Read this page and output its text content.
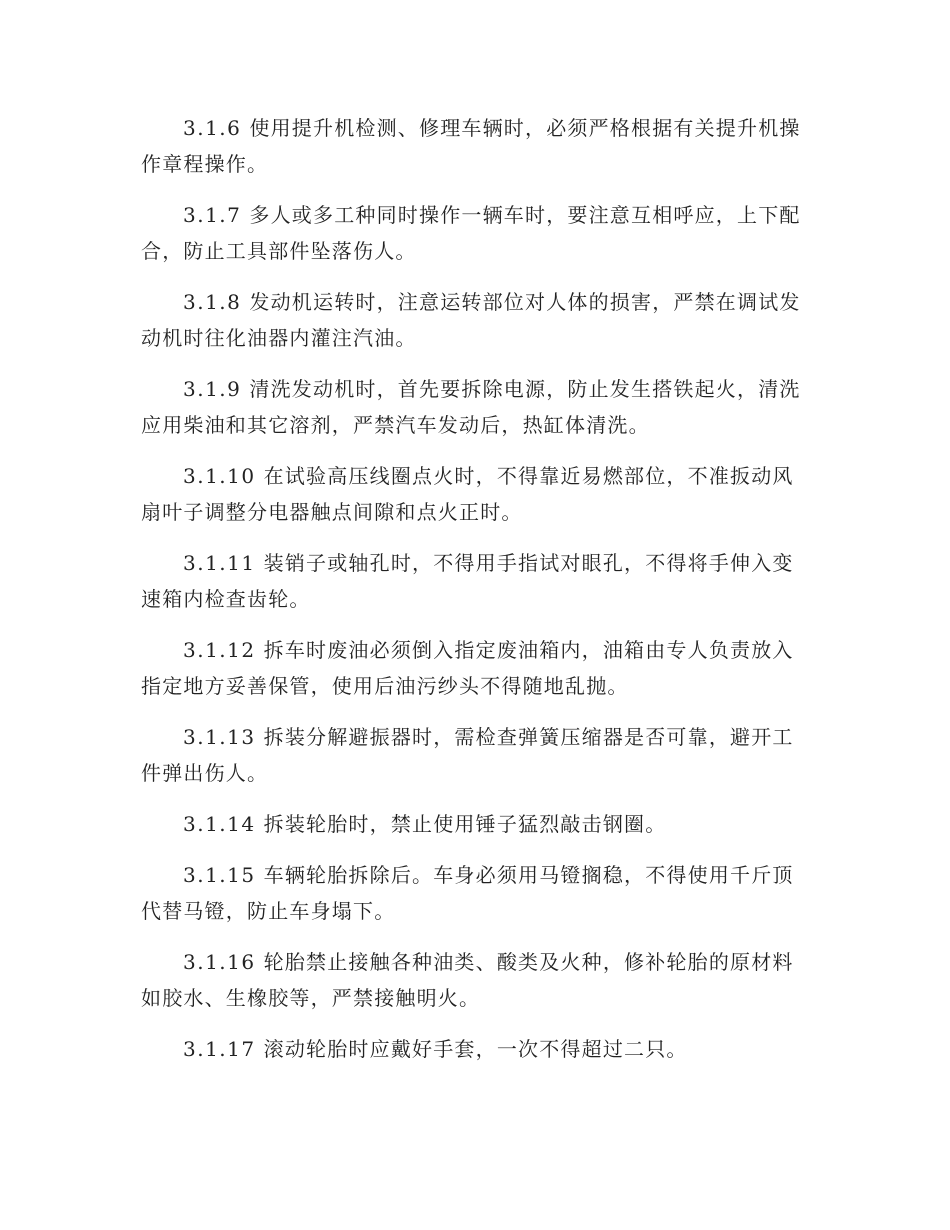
3.1.6 使用提升机检测、修理车辆时，必须严格根据有关提升机操作章程操作。

3.1.7 多人或多工种同时操作一辆车时，要注意互相呼应，上下配合，防止工具部件坠落伤人。

3.1.8 发动机运转时，注意运转部位对人体的损害，严禁在调试发动机时往化油器内灌注汽油。

3.1.9 清洗发动机时，首先要拆除电源，防止发生搭铁起火，清洗应用柴油和其它溶剂，严禁汽车发动后，热缸体清洗。

3.1.10 在试验高压线圈点火时，不得靠近易燃部位，不准扳动风扇叶子调整分电器触点间隙和点火正时。

3.1.11 装销子或轴孔时，不得用手指试对眼孔，不得将手伸入变速箱内检查齿轮。

3.1.12 拆车时废油必须倒入指定废油箱内，油箱由专人负责放入指定地方妥善保管，使用后油污纱头不得随地乱抛。

3.1.13 拆装分解避振器时，需检查弹簧压缩器是否可靠，避开工件弹出伤人。

3.1.14 拆装轮胎时，禁止使用锤子猛烈敲击钢圈。

3.1.15 车辆轮胎拆除后。车身必须用马镫搁稳，不得使用千斤顶代替马镫，防止车身塌下。

3.1.16 轮胎禁止接触各种油类、酸类及火种，修补轮胎的原材料如胶水、生橡胶等，严禁接触明火。

3.1.17 滚动轮胎时应戴好手套，一次不得超过二只。
